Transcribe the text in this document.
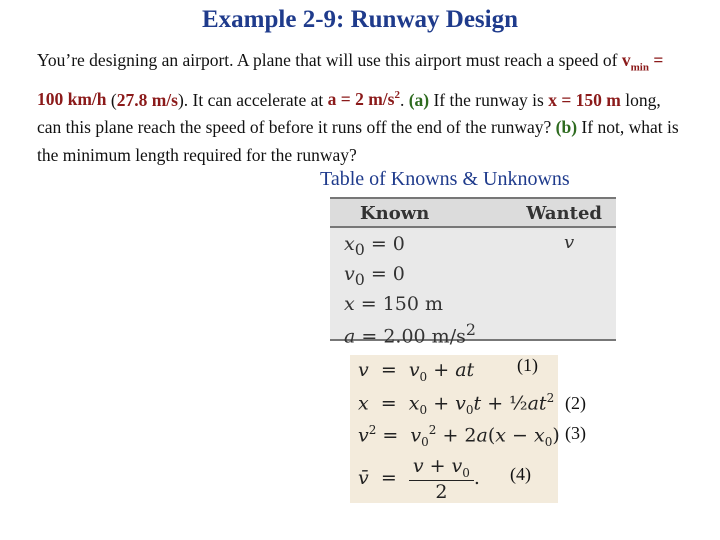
Example 2-9: Runway Design
You’re designing an airport. A plane that will use this airport must reach a speed of $v_{min} = 100$ km/h (27.8 m/s). It can accelerate at a = 2 $m/s^2$. (a) If the runway is x = 150 m long, can this plane reach the speed of before it runs off the end of the runway? (b) If not, what is the minimum length required for the runway?
Table of Knowns & Unknowns
Known	Wanted
$x_0 = 0$
$v_0 = 0$
x = 150 m
a = 2.00 $m/s^2$
v
$v = v_0$ + at
$x = x_0 + v_0t$ + $\frac{1}{2}at^2$
$v^2 = v_0^2 + 2a(x - x_0)$
v̄  = $\frac{v + v_0}{2}$ .
(1)
(2)
(3)
(4)
